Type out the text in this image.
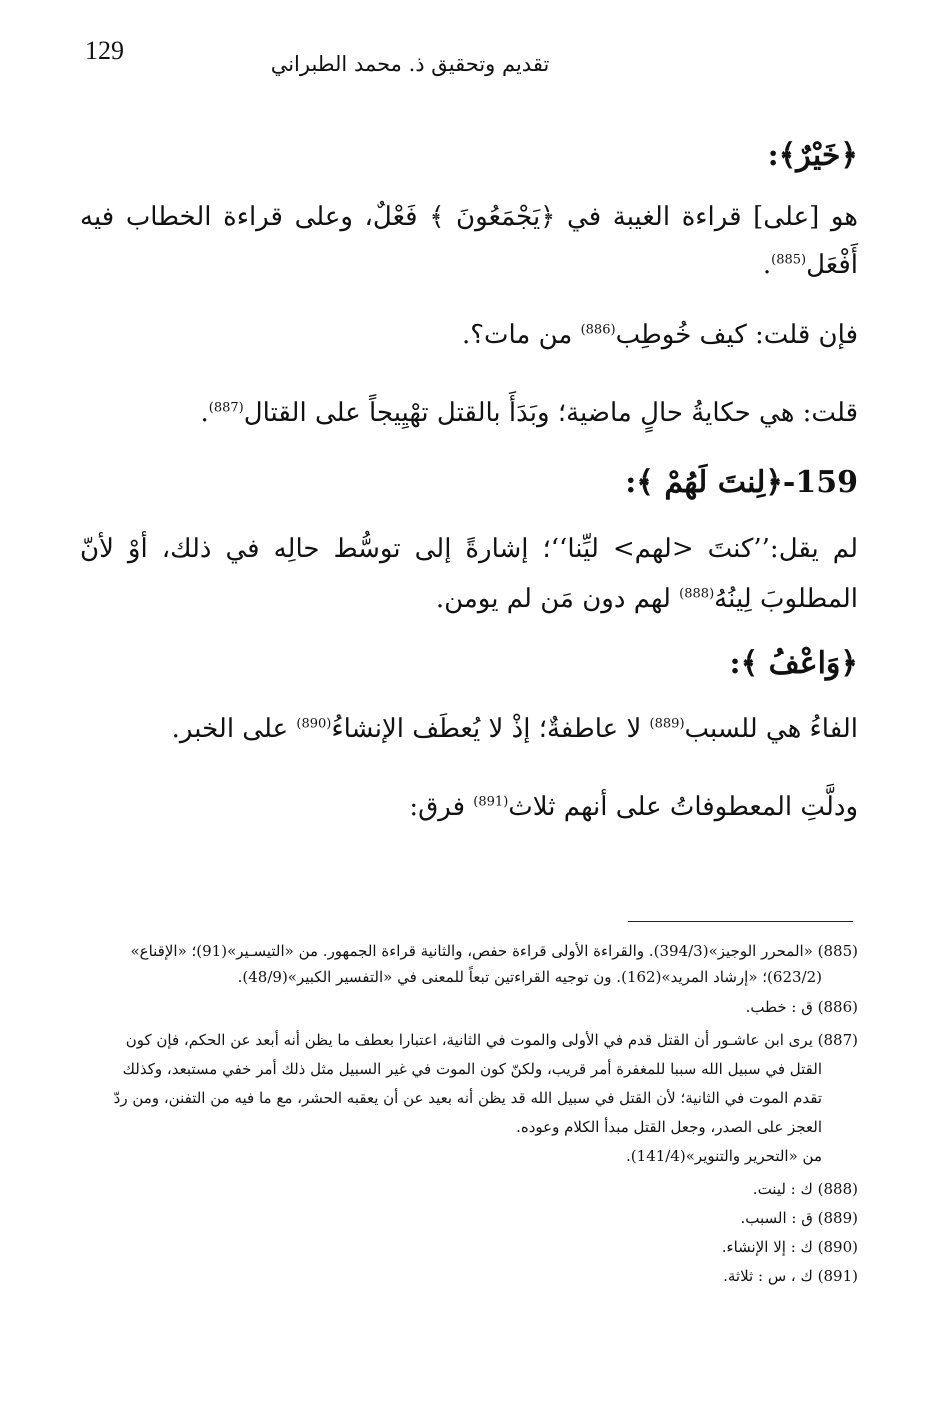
129	تقديم وتحقيق ذ. محمد الطبراني

﴿خَيْرٌ﴾:

هو [على] قراءة الغيبة في ﴿يَجْمَعُونَ ﴾ فَعْلٌ، وعلى قراءة الخطاب فيه أَفْعَل$^{(885)}$.

فإن قلت: كيف خُوطِب$^{(886)}$ من مات؟.

قلت: هي حكايةُ حالٍ ماضية؛ وبَدَأَ بالقتل تهْيِيجاً على القتال$^{(887)}$.

159-﴿لِنتَ لَهُمْ ﴾:

لم يقل:’’كنتَ <لهم> ليِّنا‘‘؛ إشارةً إلى توسُّط حالِه في ذلك، أوْ لأنّ المطلوبَ لِينُهُ$^{(888)}$ لهم دون مَن لم يومن.

﴿وَاعْفُ ﴾:

الفاءُ هي للسبب$^{(889)}$ لا عاطفةٌ؛ إذْ لا يُعطَف الإنشاءُ$^{(890)}$ على الخبر.

ودلَّتِ المعطوفاتُ على أنهم ثلاث$^{(891)}$ فرق:

(885) «المحرر الوجيز»(394/3). والقراءة الأولى قراءة حفص، والثانية قراءة الجمهور. من «التيسـير»(91)؛ «الإقناع»
(623/2)؛ «إرشاد المريد»(162). ون توجيه القراءتين تبعاً للمعنى في «التفسير الكبير»(48/9).

(886) ق : خطب.

(887) يرى ابن عاشـور أن القتل قدم في الأولى والموت في الثانية، اعتبارا بعطف ما يظن أنه أبعد عن الحكم، فإن كون
القتل في سبيل الله سببا للمغفرة أمر قريب، ولكنّ كون الموت في غير السبيل مثل ذلك أمر خفي مستبعد، وكذلك
تقدم الموت في الثانية؛ لأن القتل في سبيل الله قد يظن أنه بعيد عن أن يعقبه الحشر، مع ما فيه من التفنن، ومن ردّ
العجز على الصدر، وجعل القتل مبدأ الكلام وعوده.
من «التحرير والتنوير»(141/4).

(888) ك : لينت.

(889) ق : السبب.

(890) ك : إلا الإنشاء.

(891) ك ، س : ثلاثة.
